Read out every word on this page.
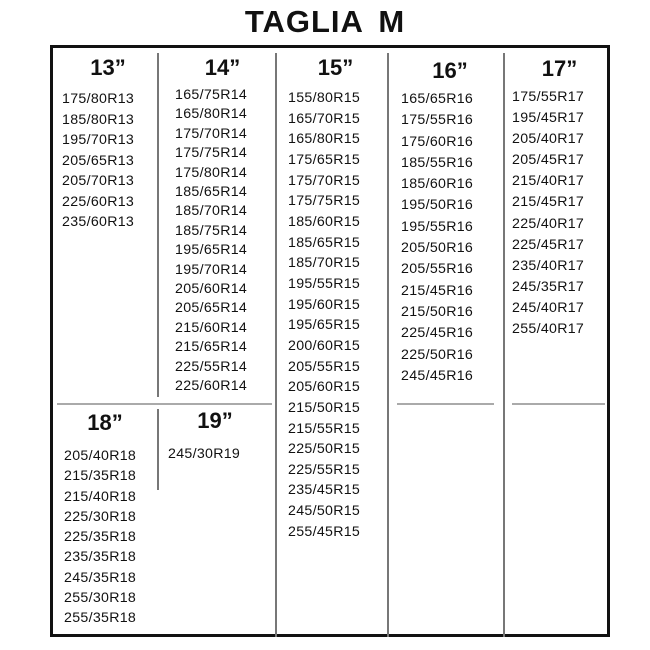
TAGLIA M
13”
175/80R13
185/80R13
195/70R13
205/65R13
205/70R13
225/60R13
235/60R13
14”
165/75R14
165/80R14
175/70R14
175/75R14
175/80R14
185/65R14
185/70R14
185/75R14
195/65R14
195/70R14
205/60R14
205/65R14
215/60R14
215/65R14
225/55R14
225/60R14
15”
155/80R15
165/70R15
165/80R15
175/65R15
175/70R15
175/75R15
185/60R15
185/65R15
185/70R15
195/55R15
195/60R15
195/65R15
200/60R15
205/55R15
205/60R15
215/50R15
215/55R15
225/50R15
225/55R15
235/45R15
245/50R15
255/45R15
16”
165/65R16
175/55R16
175/60R16
185/55R16
185/60R16
195/50R16
195/55R16
205/50R16
205/55R16
215/45R16
215/50R16
225/45R16
225/50R16
245/45R16
17”
175/55R17
195/45R17
205/40R17
205/45R17
215/40R17
215/45R17
225/40R17
225/45R17
235/40R17
245/35R17
245/40R17
255/40R17
18”
205/40R18
215/35R18
215/40R18
225/30R18
225/35R18
235/35R18
245/35R18
255/30R18
255/35R18
19”
245/30R19
